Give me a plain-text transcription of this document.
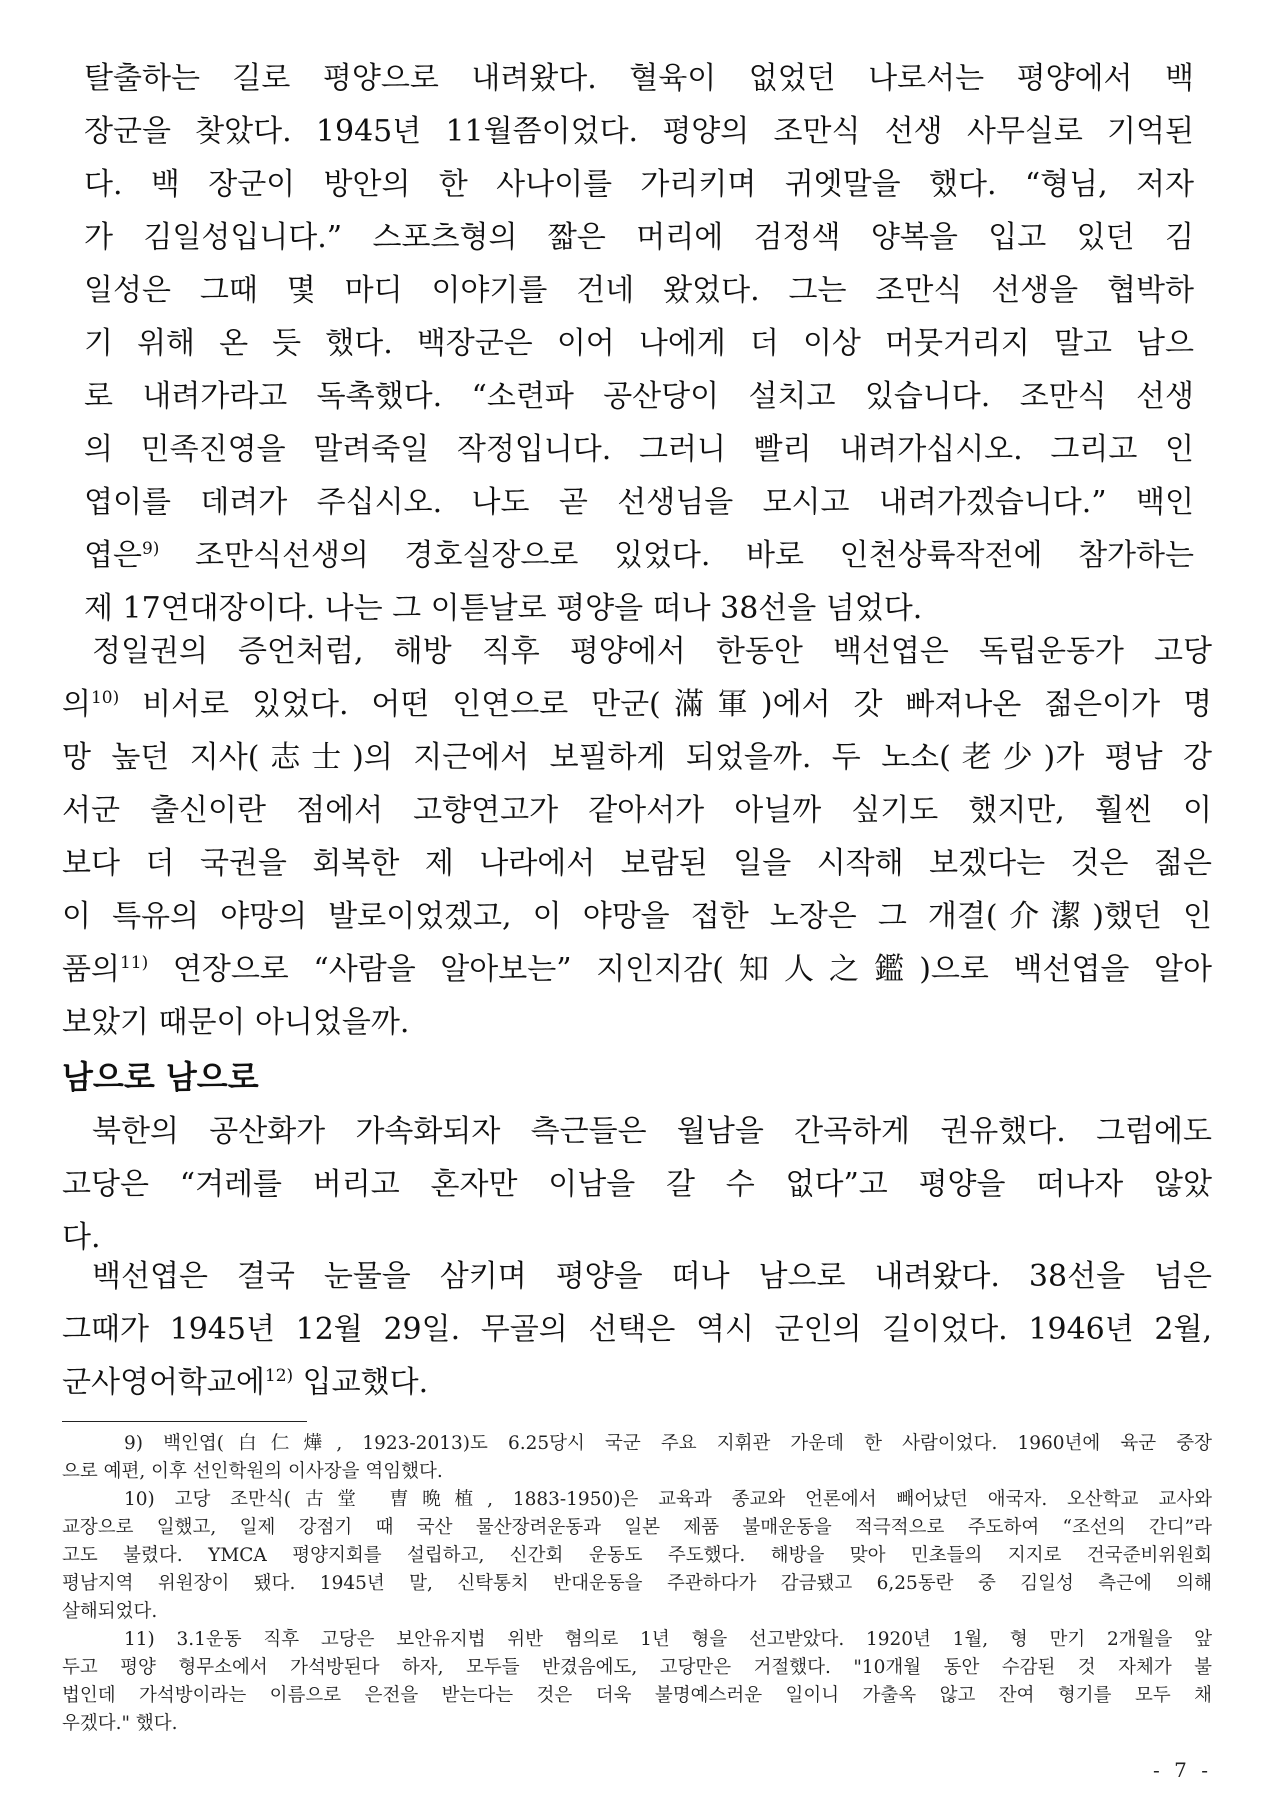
탈출하는 길로 평양으로 내려왔다. 혈육이 없었던 나로서는 평양에서 백
장군을 찾았다. 1945년 11월쯤이었다. 평양의 조만식 선생 사무실로 기억된
다. 백 장군이 방안의 한 사나이를 가리키며 귀엣말을 했다. “형님, 저자
가 김일성입니다.” 스포츠형의 짧은 머리에 검정색 양복을 입고 있던 김
일성은 그때 몇 마디 이야기를 건네 왔었다. 그는 조만식 선생을 협박하
기 위해 온 듯 했다. 백장군은 이어 나에게 더 이상 머뭇거리지 말고 남으
로 내려가라고 독촉했다. “소련파 공산당이 설치고 있습니다. 조만식 선생
의 민족진영을 말려죽일 작정입니다. 그러니 빨리 내려가십시오. 그리고 인
엽이를 데려가 주십시오. 나도 곧 선생님을 모시고 내려가겠습니다.” 백인
엽은$^{9)}$ 조만식선생의 경호실장으로 있었다. 바로 인천상륙작전에 참가하는
제 17연대장이다. 나는 그 이튿날로 평양을 떠나 38선을 넘었다.
정일권의 증언처럼, 해방 직후 평양에서 한동안 백선엽은 독립운동가 고당
의$^{10)}$ 비서로 있었다. 어떤 인연으로 만군(滿軍)에서 갓 빠져나온 젊은이가 명
망 높던 지사(志士)의 지근에서 보필하게 되었을까. 두 노소(老少)가 평남 강
서군 출신이란 점에서 고향연고가 같아서가 아닐까 싶기도 했지만, 훨씬 이
보다 더 국권을 회복한 제 나라에서 보람된 일을 시작해 보겠다는 것은 젊은
이 특유의 야망의 발로이었겠고, 이 야망을 접한 노장은 그 개결(介潔)했던 인
품의$^{11)}$ 연장으로 “사람을 알아보는” 지인지감(知人之鑑)으로 백선엽을 알아
보았기 때문이 아니었을까.
남으로 남으로
북한의 공산화가 가속화되자 측근들은 월남을 간곡하게 권유했다. 그럼에도
고당은 “겨레를 버리고 혼자만 이남을 갈 수 없다”고 평양을 떠나자 않았
다.
백선엽은 결국 눈물을 삼키며 평양을 떠나 남으로 내려왔다. 38선을 넘은
그때가 1945년 12월 29일. 무골의 선택은 역시 군인의 길이었다. 1946년 2월,
군사영어학교에$^{12)}$ 입교했다.
9) 백인엽(白仁燁, 1923-2013)도 6.25당시 국군 주요 지휘관 가운데 한 사람이었다. 1960년에 육군 중장
으로 예편, 이후 선인학원의 이사장을 역임했다.
10) 고당 조만식(古堂 曺晩植, 1883-1950)은 교육과 종교와 언론에서 빼어났던 애국자. 오산학교 교사와
교장으로 일했고, 일제 강점기 때 국산 물산장려운동과 일본 제품 불매운동을 적극적으로 주도하여 “조선의 간디”라
고도 불렸다. YMCA 평양지회를 설립하고, 신간회 운동도 주도했다. 해방을 맞아 민초들의 지지로 건국준비위원회
평남지역 위원장이 됐다. 1945년 말, 신탁통치 반대운동을 주관하다가 감금됐고 6,25동란 중 김일성 측근에 의해
살해되었다.
11) 3.1운동 직후 고당은 보안유지법 위반 혐의로 1년 형을 선고받았다. 1920년 1월, 형 만기 2개월을 앞
두고 평양 형무소에서 가석방된다 하자, 모두들 반겼음에도, 고당만은 거절했다. "10개월 동안 수감된 것 자체가 불
법인데 가석방이라는 이름으로 은전을 받는다는 것은 더욱 불명예스러운 일이니 가출옥 않고 잔여 형기를 모두 채
우겠다." 했다.
- 7 -
